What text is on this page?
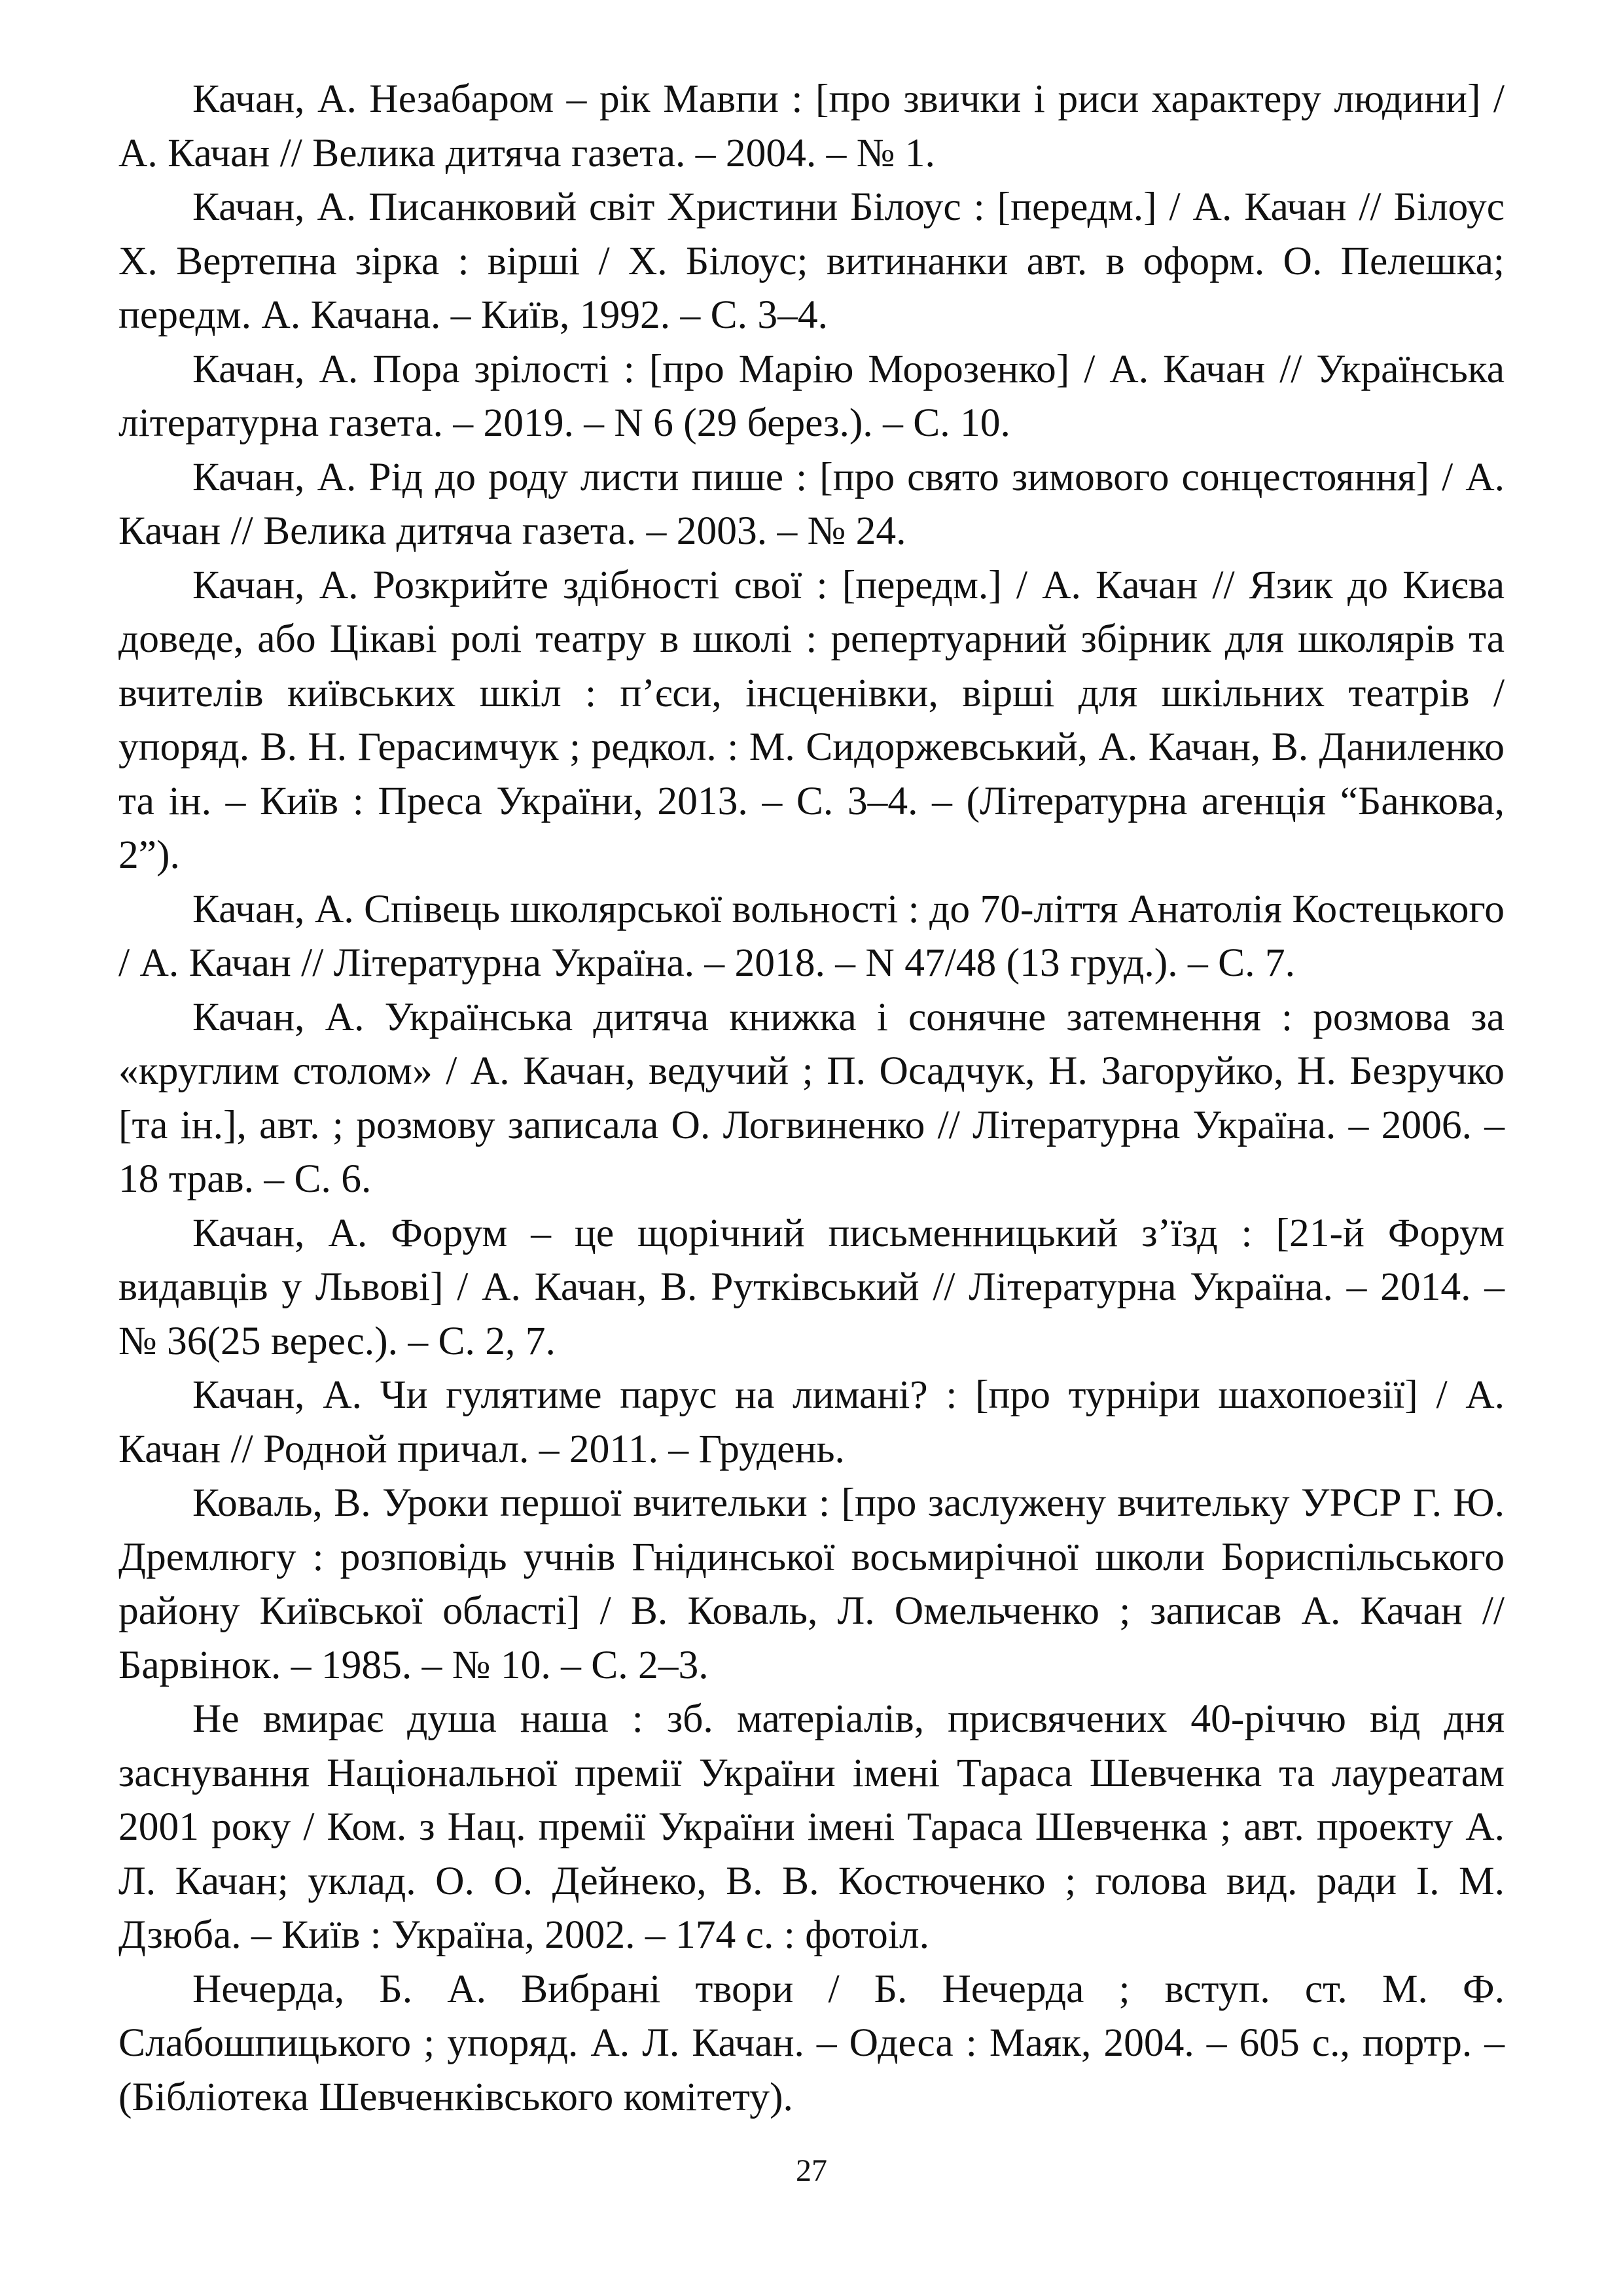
Качан, А. Незабаром – рік Мавпи : [про звички і риси характеру людини] / А. Качан // Велика дитяча газета. – 2004. – № 1.

Качан, А. Писанковий світ Христини Білоус : [передм.] / А. Качан // Білоус Х. Вертепна зірка : вірші / Х. Білоус; витинанки авт. в оформ. О. Пелешка; передм. А. Качана. – Київ, 1992. – С. 3–4.

Качан, А. Пора зрілості : [про Марію Морозенко] / А. Качан // Українська літературна газета. – 2019. – N 6 (29 берез.). – С. 10.

Качан, А. Рід до роду листи пише : [про свято зимового сонцестояння] / А. Качан // Велика дитяча газета. – 2003. – № 24.

Качан, А. Розкрийте здібності свої : [передм.] / А. Качан // Язик до Києва доведе, або Цікаві ролі театру в школі : репертуарний збірник для школярів та вчителів київських шкіл : п’єси, інсценівки, вірші для шкільних театрів / упоряд. В. Н. Герасимчук ; редкол. : М. Сидоржевський, А. Качан, В. Даниленко та ін. – Київ : Преса України, 2013. – С. 3–4. – (Літературна агенція “Банкова, 2”).

Качан, А. Співець школярської вольності : до 70-ліття Анатолія Костецького / А. Качан // Літературна Україна. – 2018. – N 47/48 (13 груд.). – С. 7.

Качан, А. Українська дитяча книжка і сонячне затемнення : розмова за «круглим столом» / А. Качан, ведучий ; П. Осадчук, Н. Загоруйко, Н. Безручко [та ін.], авт. ; розмову записала О. Логвиненко // Літературна Україна. – 2006. – 18 трав. – С. 6.

Качан, А. Форум – це щорічний письменницький з’їзд : [21-й Форум видавців у Львові] / А. Качан, В. Рутківський // Літературна Україна. – 2014. – № 36(25 верес.). – С. 2, 7.

Качан, А. Чи гулятиме парус на лимані? : [про турніри шахопоезії] / А. Качан // Родной причал. – 2011. – Грудень.

Коваль, В. Уроки першої вчительки : [про заслужену вчительку УРСР Г. Ю. Дремлюгу : розповідь учнів Гнідинської восьмирічної школи Бориспільського району Київської області] / В. Коваль, Л. Омельченко ; записав А. Качан // Барвінок. – 1985. – № 10. – С. 2–3.

Не вмирає душа наша : зб. матеріалів, присвячених 40-річчю від дня заснування Національної премії України імені Тараса Шевченка та лауреатам 2001 року / Ком. з Нац. премії України імені Тараса Шевченка ; авт. проекту А. Л. Качан; уклад. О. О. Дейнеко, В. В. Костюченко ; голова вид. ради І. М. Дзюба. – Київ : Україна, 2002. – 174 с. : фотоіл.

Нечерда, Б. А. Вибрані твори / Б. Нечерда ; вступ. ст. М. Ф. Слабошпицького ; упоряд. А. Л. Качан. – Одеса : Маяк, 2004. – 605 с., портр. – (Бібліотека Шевченківського комітету).

27
